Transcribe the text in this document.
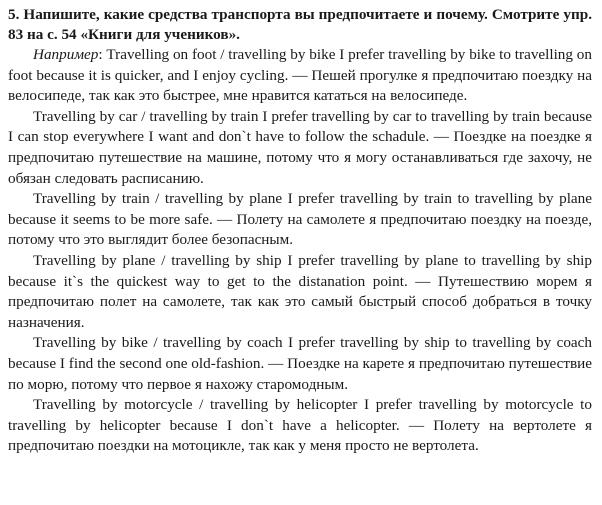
5. Напишите, какие средства транспорта вы предпочитаете и почему. Смотрите упр. 83 на с. 54 «Книги для учеников».

Например: Travelling on foot / travelling by bike I prefer travelling by bike to travelling on foot because it is quicker, and I enjoy cycling. — Пешей прогулке я предпочитаю поездку на велосипеде, так как это быстрее, мне нравится кататься на велосипеде.

Travelling by car / travelling by train I prefer travelling by car to travelling by train because I can stop everywhere I want and don`t have to follow the schadule. — Поездке на поездке я предпочитаю путешествие на машине, потому что я могу останавливаться где захочу, не обязан следовать расписанию.

Travelling by train / travelling by plane I prefer travelling by train to travelling by plane because it seems to be more safe. — Полету на самолете я предпочитаю поездку на поезде, потому что это выглядит более безопасным.

Travelling by plane / travelling by ship I prefer travelling by plane to travelling by ship because it`s the quickest way to get to the distanation point. — Путешествию морем я предпочитаю полет на самолете, так как это самый быстрый способ добраться в точку назначения.

Travelling by bike / travelling by coach I prefer travelling by ship to travelling by coach because I find the second one old-fashion. — Поездке на карете я предпочитаю путешествие по морю, потому что первое я нахожу старомодным.

Travelling by motorcycle / travelling by helicopter I prefer travelling by motorcycle to travelling by helicopter because I don`t have a helicopter. — Полету на вертолете я предпочитаю поездки на мотоцикле, так как у меня просто не вертолета.
